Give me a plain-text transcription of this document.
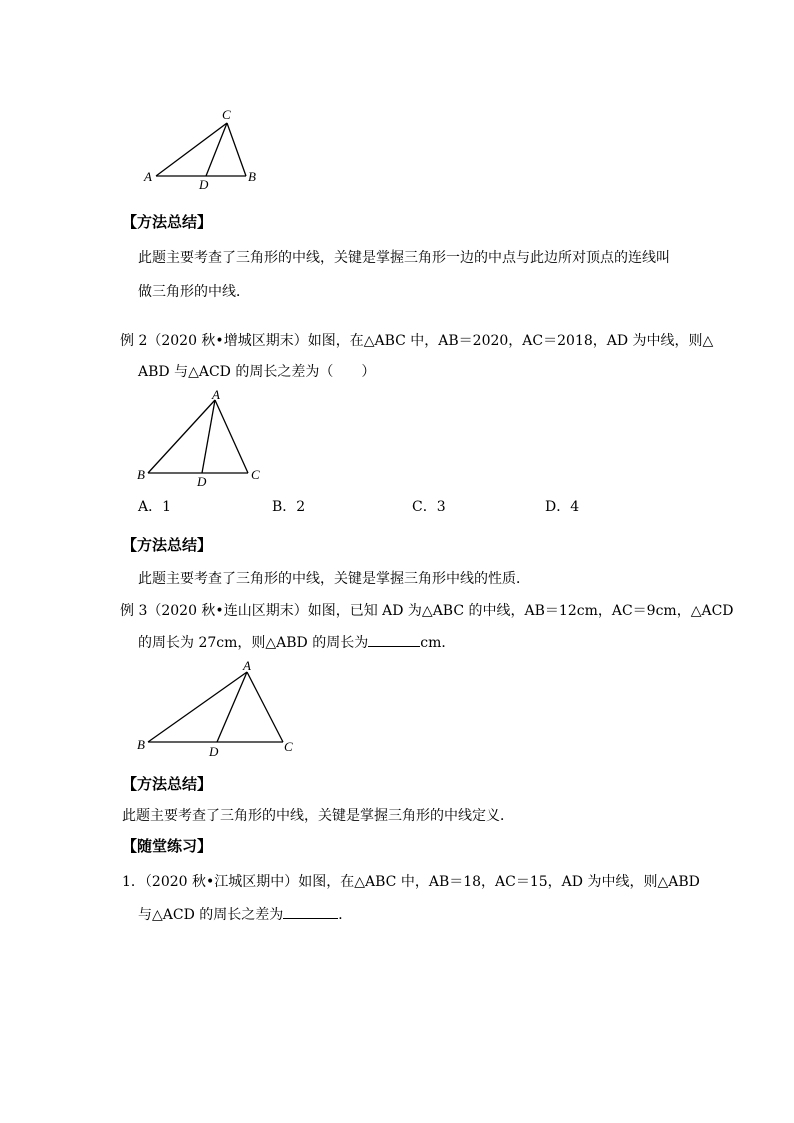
C
A	B
D
【方法总结】
此题主要考查了三角形的中线，关键是掌握三角形一边的中点与此边所对顶点的连线叫
做三角形的中线．
例 2（2020 秋•增城区期末）如图，在△ABC 中，AB＝2020，AC＝2018，AD 为中线，则△
ABD 与△ACD 的周长之差为（　　）
A
B	C
D
A．1	B．2	C．3	D．4
【方法总结】
此题主要考查了三角形的中线，关键是掌握三角形中线的性质．
例 3（2020 秋•连山区期末）如图，已知 AD 为△ABC 的中线，AB＝12cm，AC＝9cm，△ACD
的周长为 27cm，则△ABD 的周长为	cm．
A
B	C
D
【方法总结】
此题主要考查了三角形的中线，关键是掌握三角形的中线定义．
【随堂练习】
1．（2020 秋•江城区期中）如图，在△ABC 中，AB＝18，AC＝15，AD 为中线，则△ABD
与△ACD 的周长之差为	．
